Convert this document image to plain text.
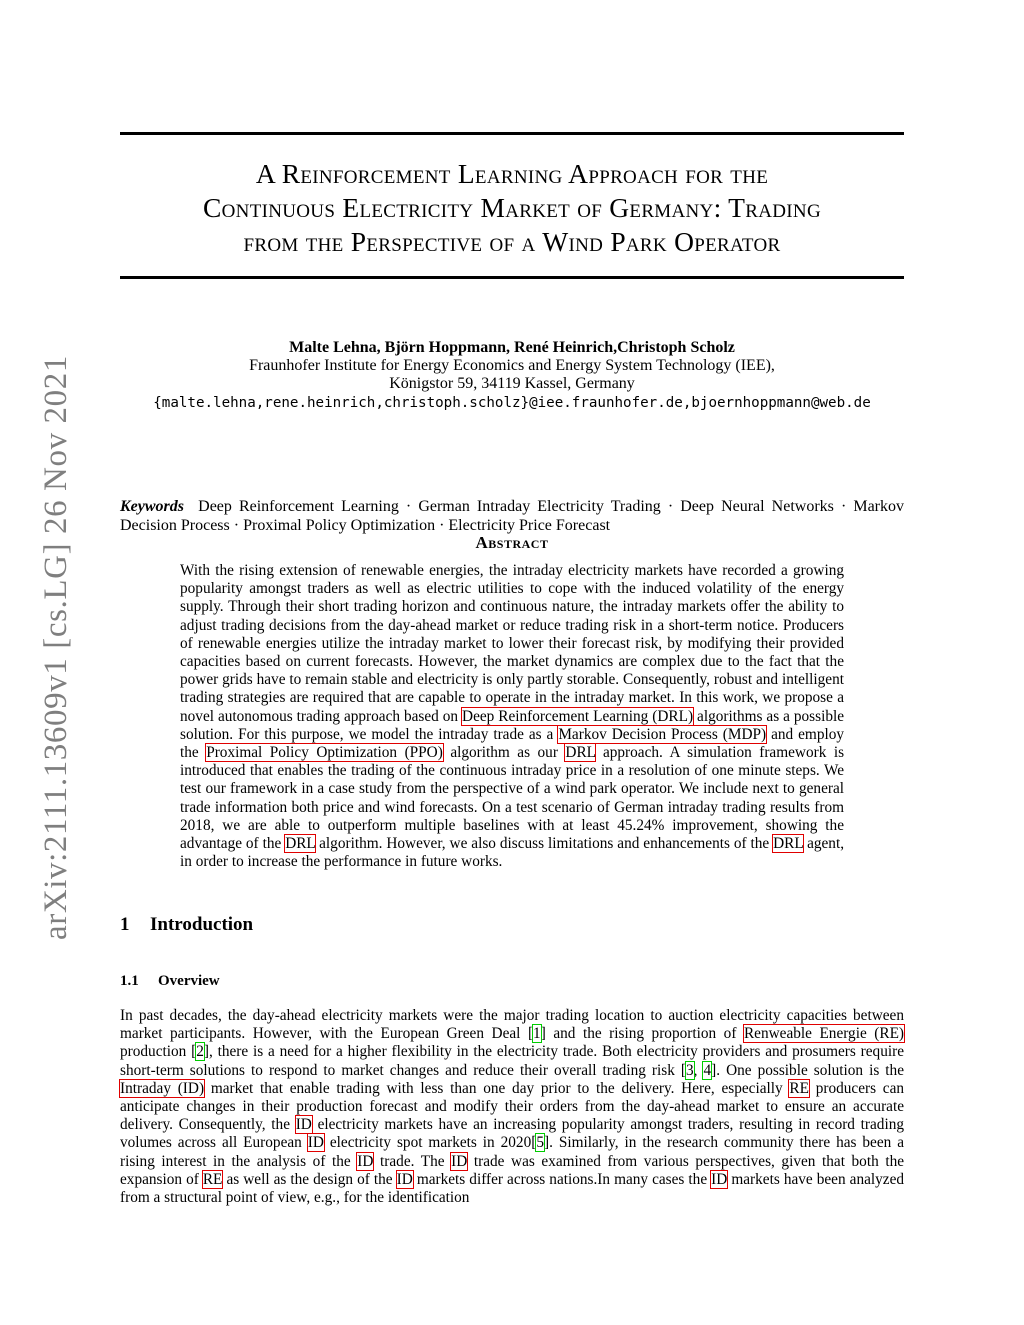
arXiv:2111.13609v1 [cs.LG] 26 Nov 2021
A Reinforcement Learning Approach for the
Continuous Electricity Market of Germany: Trading
from the Perspective of a Wind Park Operator
Malte Lehna, Björn Hoppmann, René Heinrich,Christoph Scholz
Fraunhofer Institute for Energy Economics and Energy System Technology (IEE),
Königstor 59, 34119 Kassel, Germany
{malte.lehna,rene.heinrich,christoph.scholz}@iee.fraunhofer.de,bjoernhoppmann@web.de
Keywords Deep Reinforcement Learning · German Intraday Electricity Trading · Deep Neural Networks · Markov Decision Process · Proximal Policy Optimization · Electricity Price Forecast
Abstract
With the rising extension of renewable energies, the intraday electricity markets have recorded a growing popularity amongst traders as well as electric utilities to cope with the induced volatility of the energy supply. Through their short trading horizon and continuous nature, the intraday markets offer the ability to adjust trading decisions from the day-ahead market or reduce trading risk in a short-term notice. Producers of renewable energies utilize the intraday market to lower their forecast risk, by modifying their provided capacities based on current forecasts. However, the market dynamics are complex due to the fact that the power grids have to remain stable and electricity is only partly storable. Consequently, robust and intelligent trading strategies are required that are capable to operate in the intraday market. In this work, we propose a novel autonomous trading approach based on Deep Reinforcement Learning (DRL) algorithms as a possible solution. For this purpose, we model the intraday trade as a Markov Decision Process (MDP) and employ the Proximal Policy Optimization (PPO) algorithm as our DRL approach. A simulation framework is introduced that enables the trading of the continuous intraday price in a resolution of one minute steps. We test our framework in a case study from the perspective of a wind park operator. We include next to general trade information both price and wind forecasts. On a test scenario of German intraday trading results from 2018, we are able to outperform multiple baselines with at least 45.24% improvement, showing the advantage of the DRL algorithm. However, we also discuss limitations and enhancements of the DRL agent, in order to increase the performance in future works.
1 Introduction
1.1 Overview
In past decades, the day-ahead electricity markets were the major trading location to auction electricity capacities between market participants. However, with the European Green Deal [1] and the rising proportion of Renweable Energie (RE) production [2], there is a need for a higher flexibility in the electricity trade. Both electricity providers and prosumers require short-term solutions to respond to market changes and reduce their overall trading risk [3, 4]. One possible solution is the Intraday (ID) market that enable trading with less than one day prior to the delivery. Here, especially RE producers can anticipate changes in their production forecast and modify their orders from the day-ahead market to ensure an accurate delivery. Consequently, the ID electricity markets have an increasing popularity amongst traders, resulting in record trading volumes across all European ID electricity spot markets in 2020[5]. Similarly, in the research community there has been a rising interest in the analysis of the ID trade. The ID trade was examined from various perspectives, given that both the expansion of RE as well as the design of the ID markets differ across nations.In many cases the ID markets have been analyzed from a structural point of view, e.g., for the identification
